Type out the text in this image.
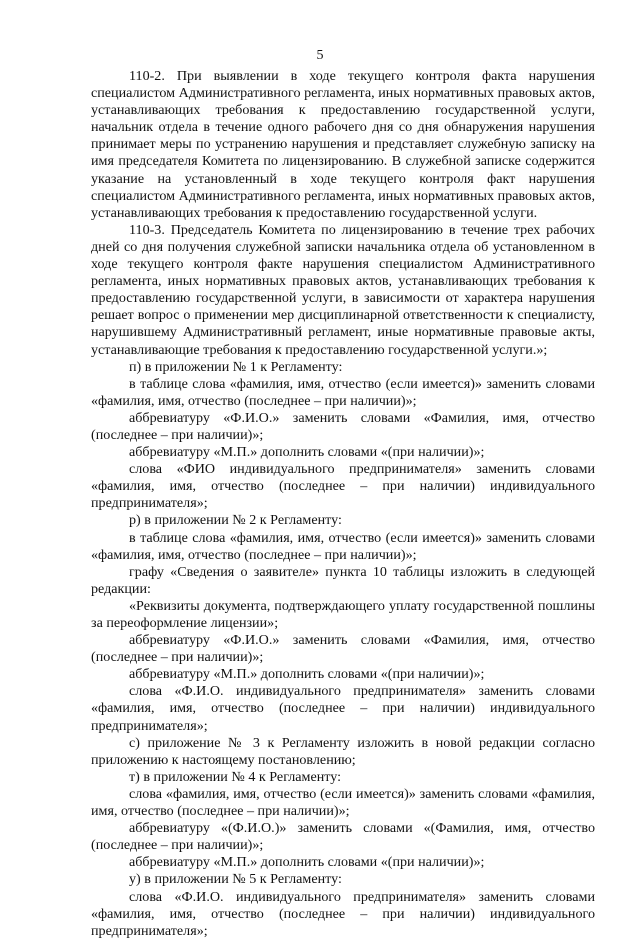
5

110-2. При выявлении в ходе текущего контроля факта нарушения специалистом Административного регламента, иных нормативных правовых актов, устанавливающих требования к предоставлению государственной услуги, начальник отдела в течение одного рабочего дня со дня обнаружения нарушения принимает меры по устранению нарушения и представляет служебную записку на имя председателя Комитета по лицензированию. В служебной записке содержится указание на установленный в ходе текущего контроля факт нарушения специалистом Административного регламента, иных нормативных правовых актов, устанавливающих требования к предоставлению государственной услуги.

110-3. Председатель Комитета по лицензированию в течение трех рабочих дней со дня получения служебной записки начальника отдела об установленном в ходе текущего контроля факте нарушения специалистом Административного регламента, иных нормативных правовых актов, устанавливающих требования к предоставлению государственной услуги, в зависимости от характера нарушения решает вопрос о применении мер дисциплинарной ответственности к специалисту, нарушившему Административный регламент, иные нормативные правовые акты, устанавливающие требования к предоставлению государственной услуги.»;

п) в приложении № 1 к Регламенту:

в таблице слова «фамилия, имя, отчество (если имеется)» заменить словами «фамилия, имя, отчество (последнее – при наличии)»;

аббревиатуру «Ф.И.О.» заменить словами «Фамилия, имя, отчество (последнее – при наличии)»;

аббревиатуру «М.П.» дополнить словами «(при наличии)»;

слова «ФИО индивидуального предпринимателя» заменить словами «фамилия, имя, отчество (последнее – при наличии) индивидуального предпринимателя»;

р) в приложении № 2 к Регламенту:

в таблице слова «фамилия, имя, отчество (если имеется)» заменить словами «фамилия, имя, отчество (последнее – при наличии)»;

графу «Сведения о заявителе» пункта 10 таблицы изложить в следующей редакции:

«Реквизиты документа, подтверждающего уплату государственной пошлины за переоформление лицензии»;

аббревиатуру «Ф.И.О.» заменить словами «Фамилия, имя, отчество (последнее – при наличии)»;

аббревиатуру «М.П.» дополнить словами «(при наличии)»;

слова «Ф.И.О. индивидуального предпринимателя» заменить словами «фамилия, имя, отчество (последнее – при наличии) индивидуального предпринимателя»;

с) приложение № 3 к Регламенту изложить в новой редакции согласно приложению к настоящему постановлению;

т) в приложении № 4 к Регламенту:

слова «фамилия, имя, отчество (если имеется)» заменить словами «фамилия, имя, отчество (последнее – при наличии)»;

аббревиатуру «(Ф.И.О.)» заменить словами «(Фамилия, имя, отчество (последнее – при наличии)»;

аббревиатуру «М.П.» дополнить словами «(при наличии)»;

у) в приложении № 5 к Регламенту:

слова «Ф.И.О. индивидуального предпринимателя» заменить словами «фамилия, имя, отчество (последнее – при наличии) индивидуального предпринимателя»;
